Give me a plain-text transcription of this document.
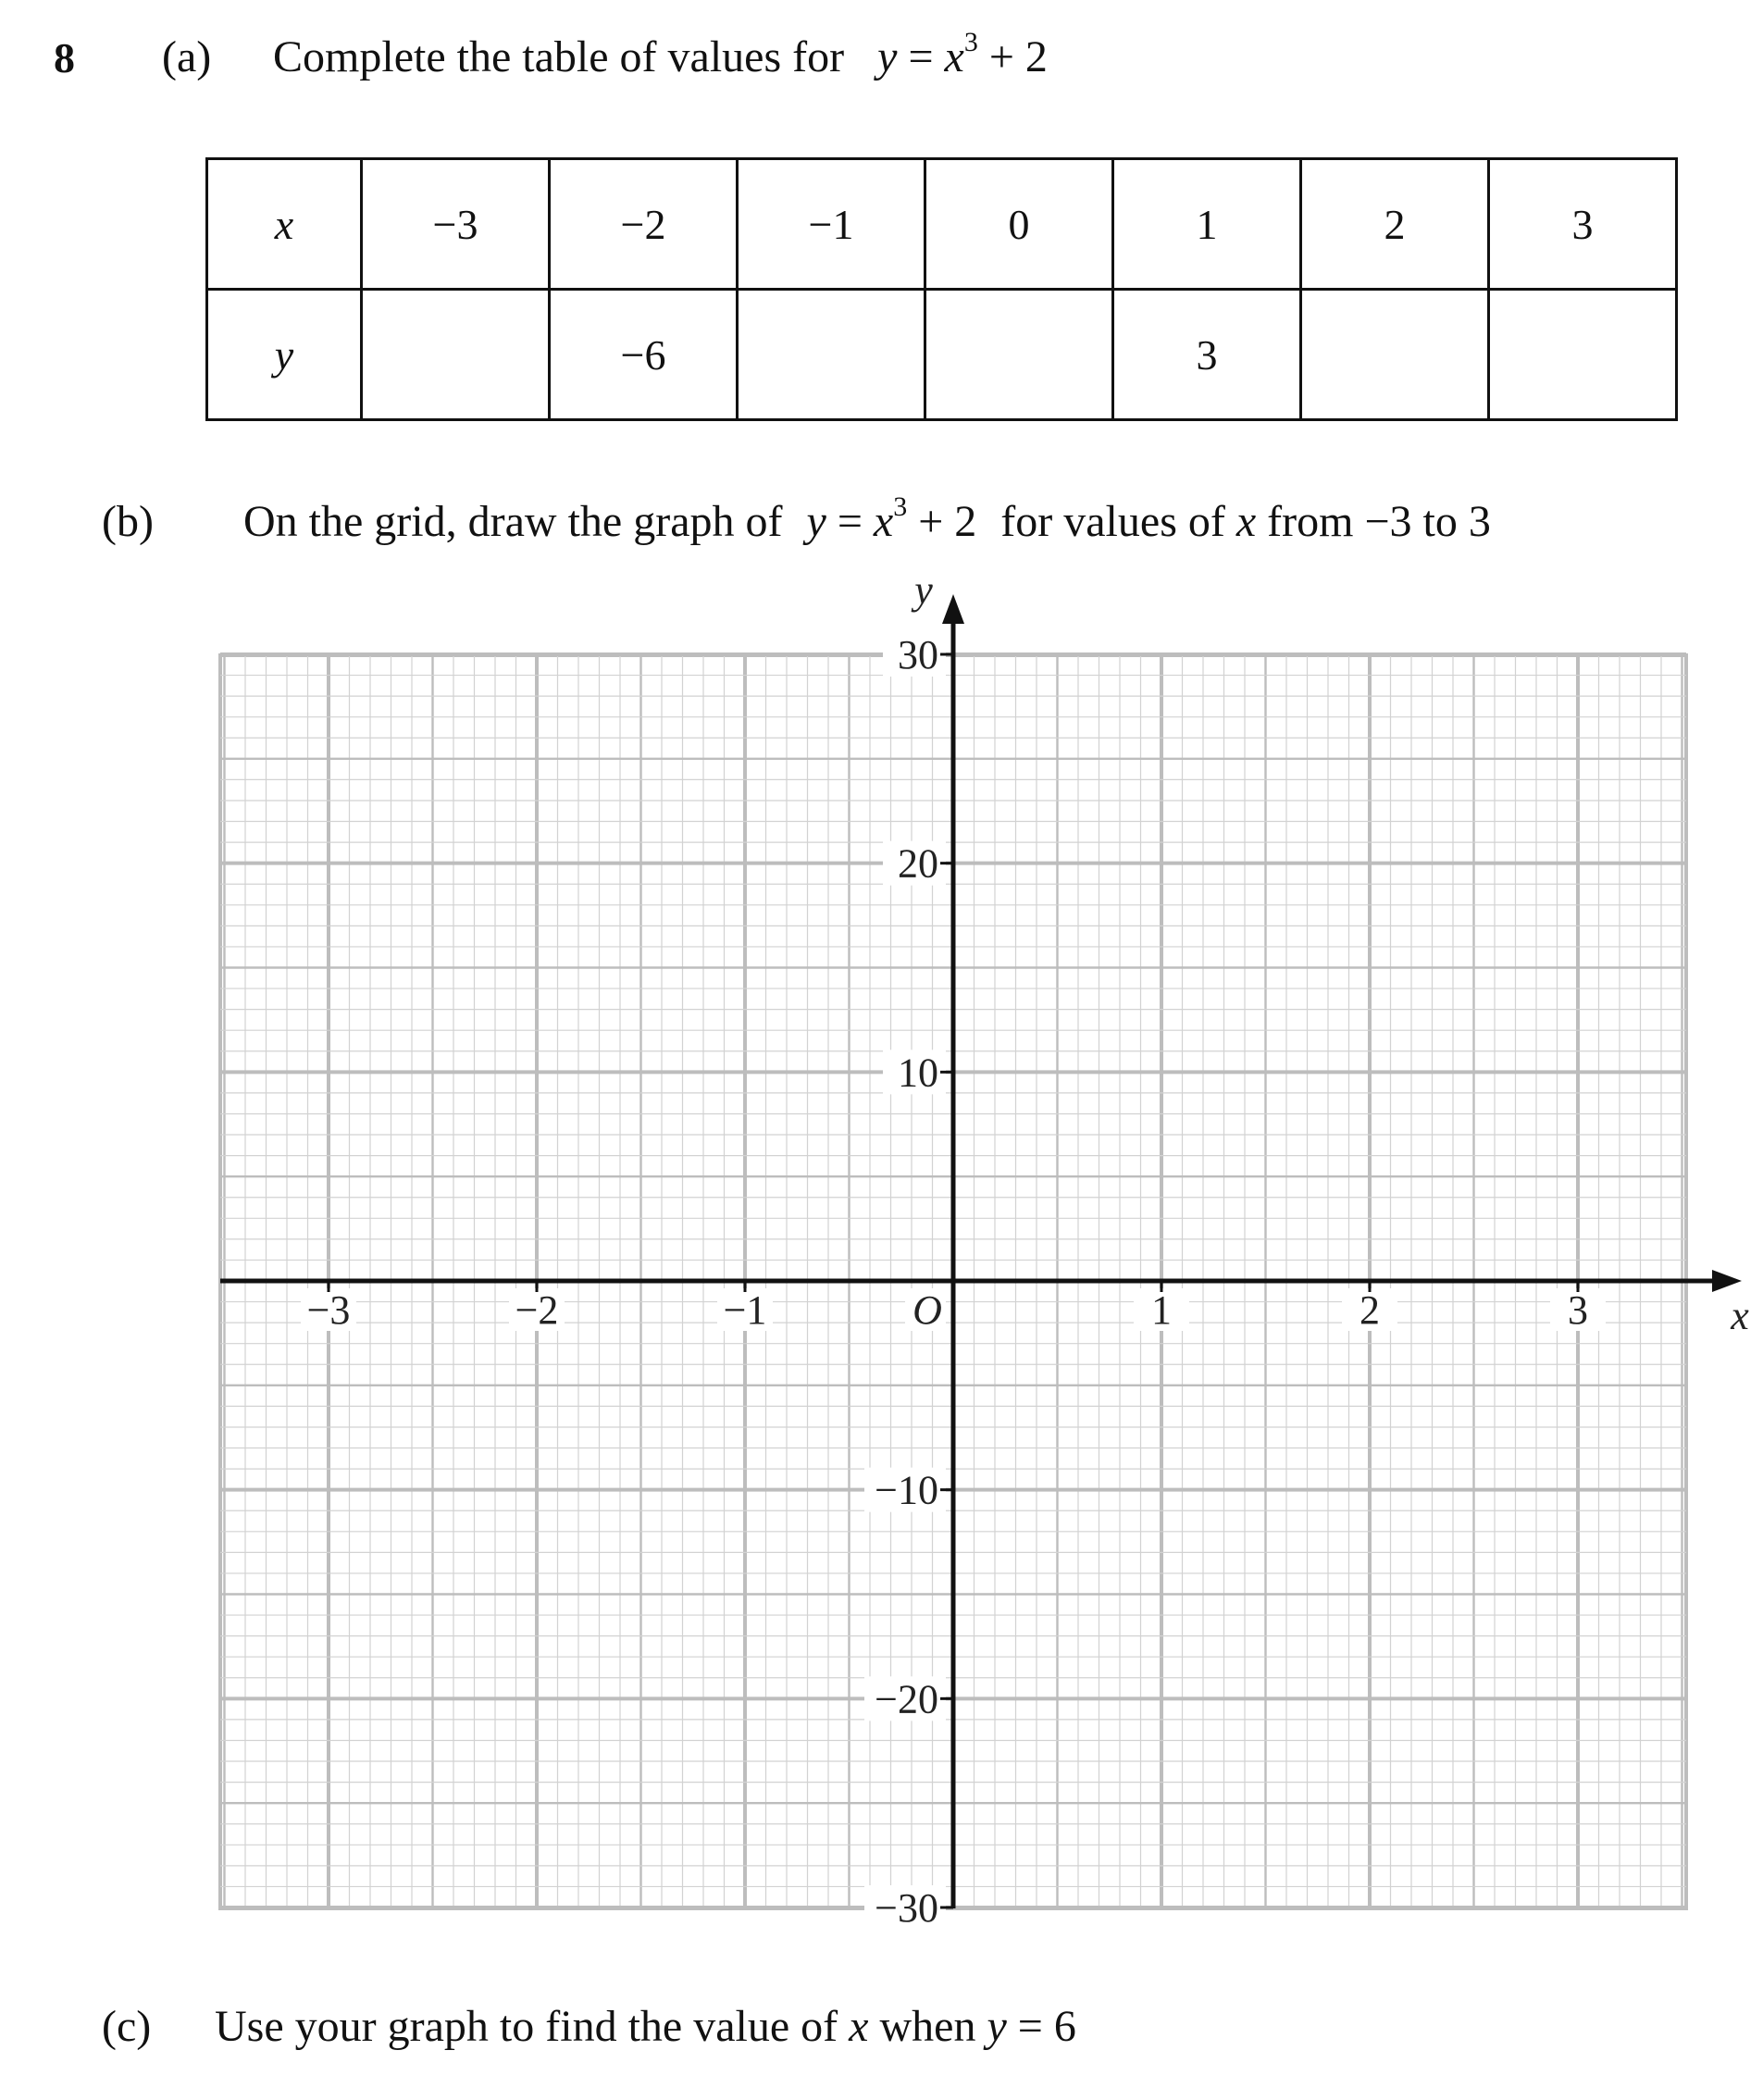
8 (a) Complete the table of values for $y = x^3 + 2$
x	−3	−2	−1	0	1	2	3
y		−6			3		
(b) On the grid, draw the graph of $y = x^3 + 2$ for values of x from −3 to 3
30
20
10
−10
−20
−30
−3	−2	−1	1	2	3
O	x
y
(c) Use your graph to find the value of x when y = 6
